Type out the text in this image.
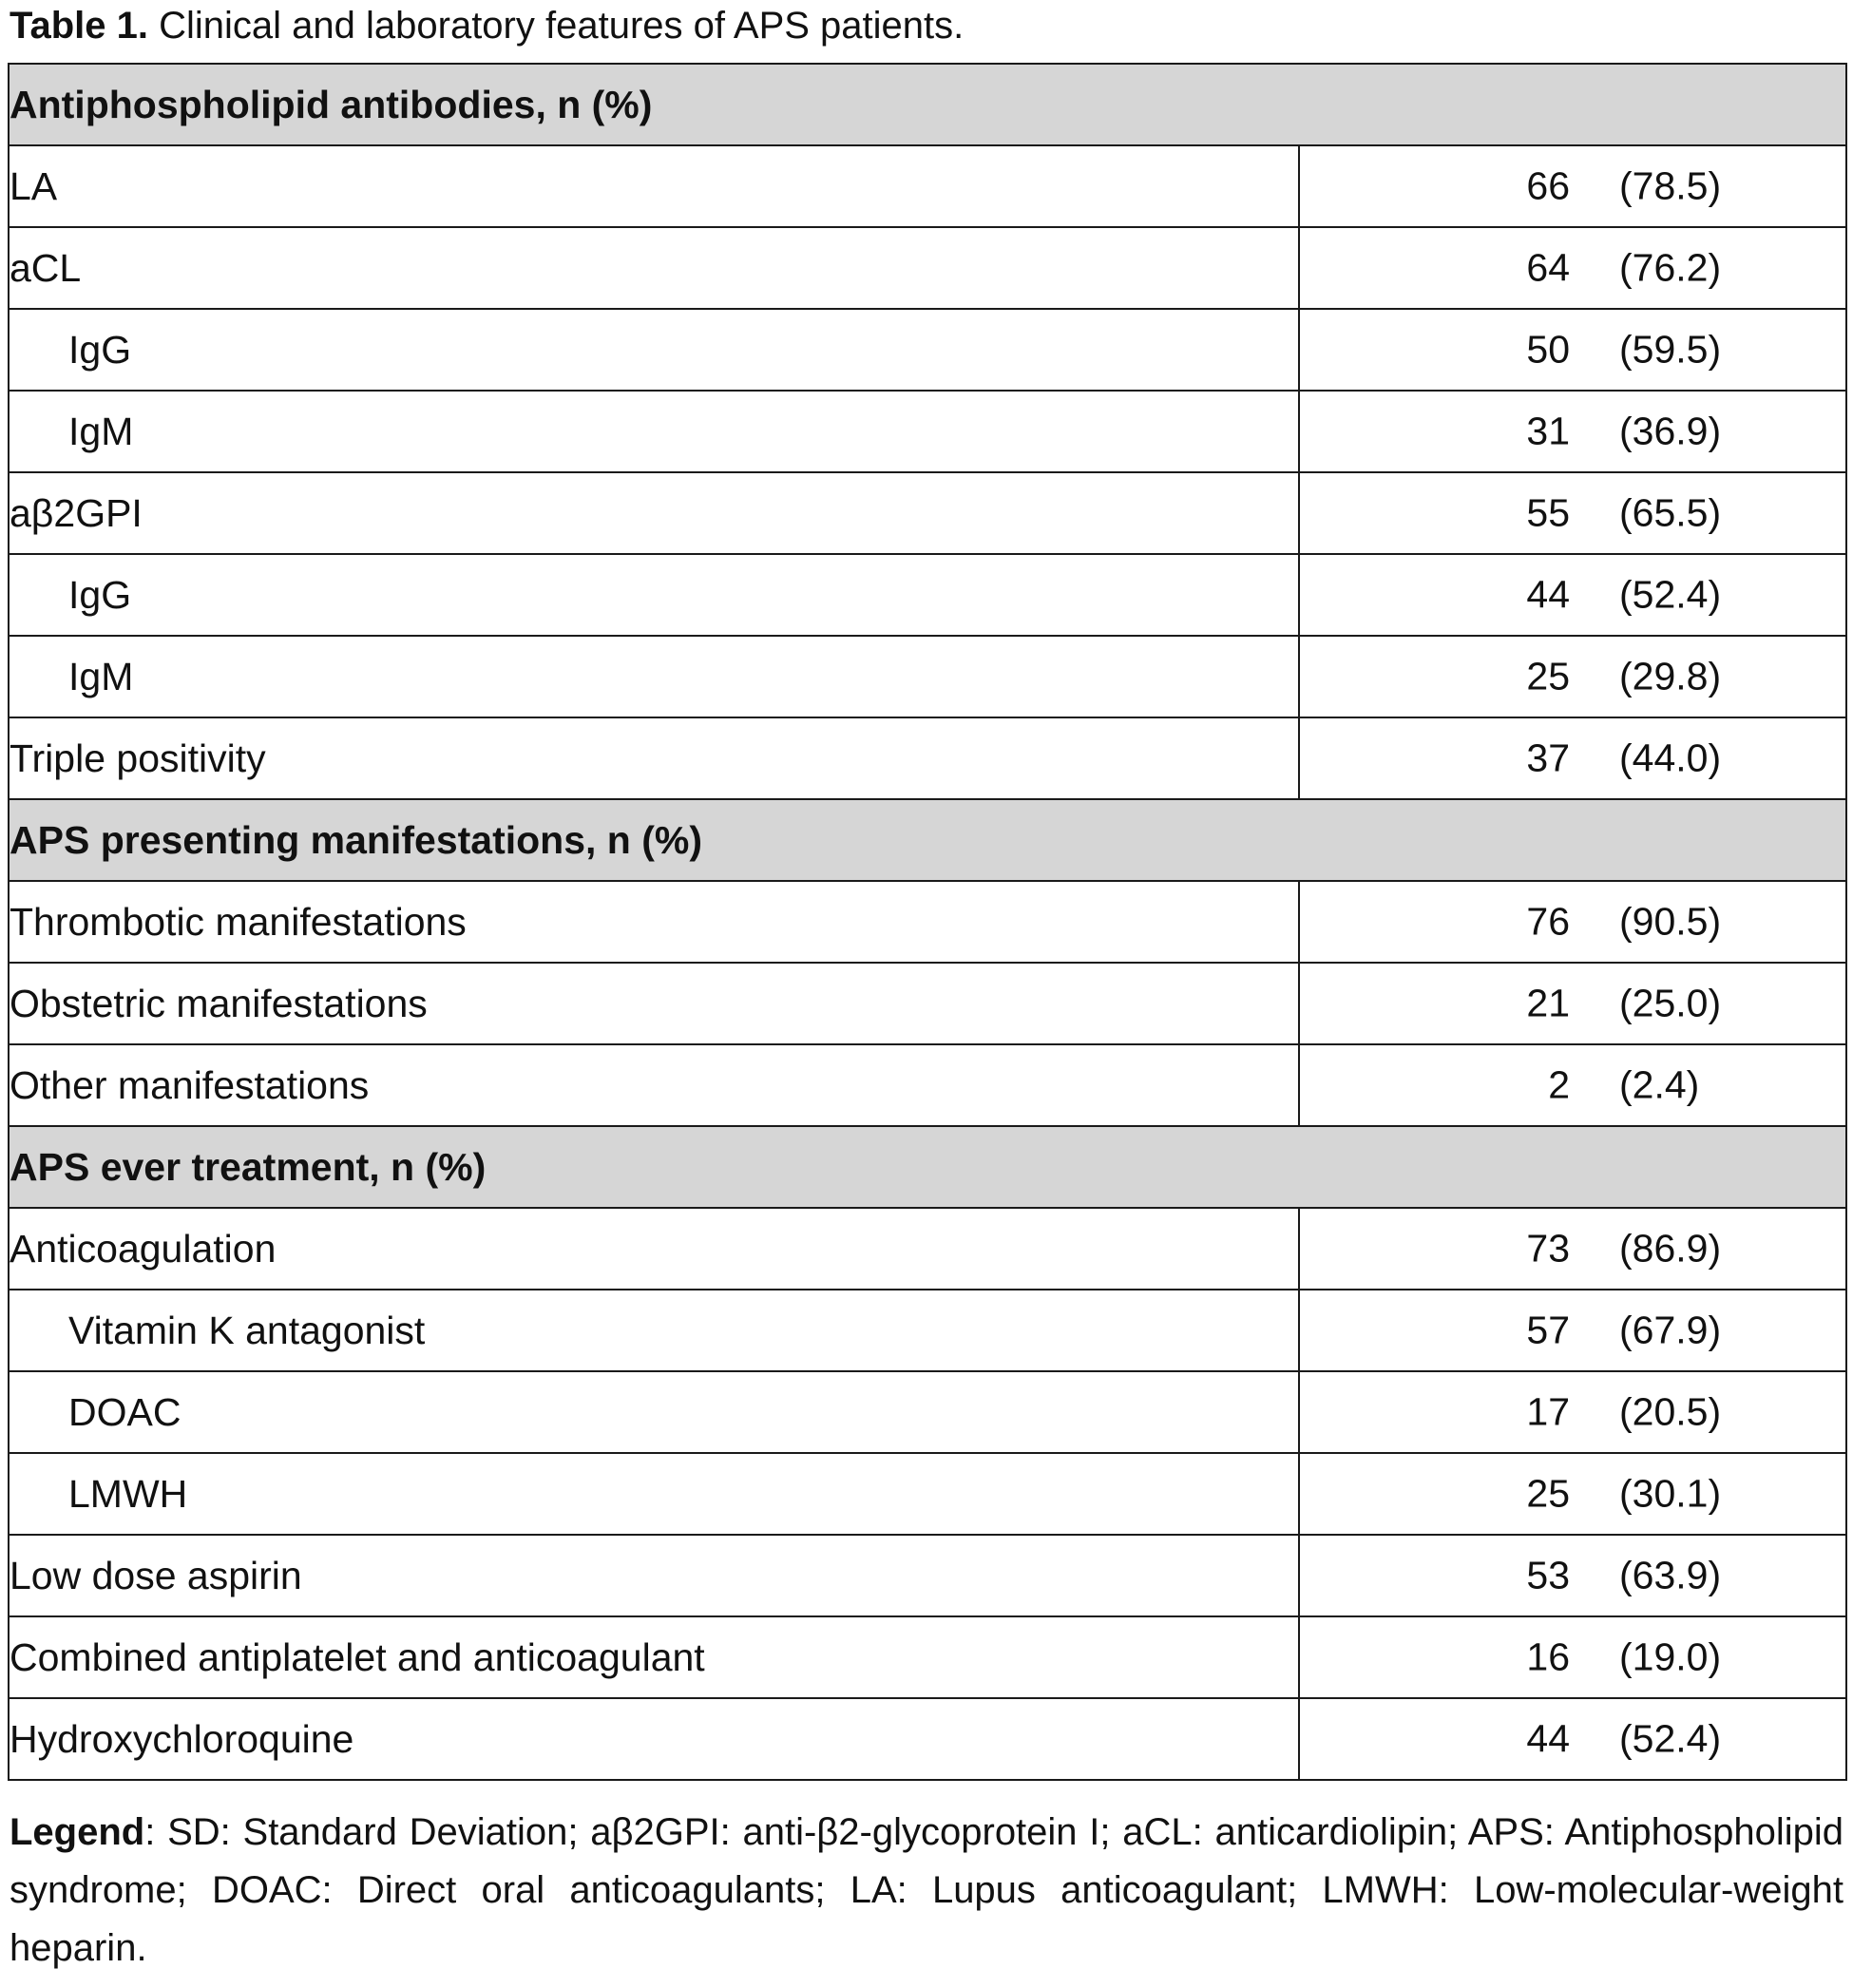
Table 1. Clinical and laboratory features of APS patients.
Antiphospholipid antibodies, n (%)	
LA	66 (78.5)

aCL	64 (76.2)

IgG	50 (59.5)

IgM	31 (36.9)

aβ2GPI	55 (65.5)

IgG	44 (52.4)

IgM	25 (29.8)

Triple positivity	37 (44.0)

APS presenting manifestations, n (%)	
Thrombotic manifestations	76 (90.5)

Obstetric manifestations	21 (25.0)

Other manifestations	2 (2.4)

APS ever treatment, n (%)	
Anticoagulation	73 (86.9)

Vitamin K antagonist	57 (67.9)

DOAC	17 (20.5)

LMWH	25 (30.1)

Low dose aspirin	53 (63.9)

Combined antiplatelet and anticoagulant	16 (19.0)

Hydroxychloroquine	44 (52.4)
Legend: SD: Standard Deviation; aβ2GPI: anti-β2-glycoprotein I; aCL: anticardiolipin; APS: Antiphospholipid syndrome; DOAC: Direct oral anticoagulants; LA: Lupus anticoagulant; LMWH: Low-molecular-weight heparin.
